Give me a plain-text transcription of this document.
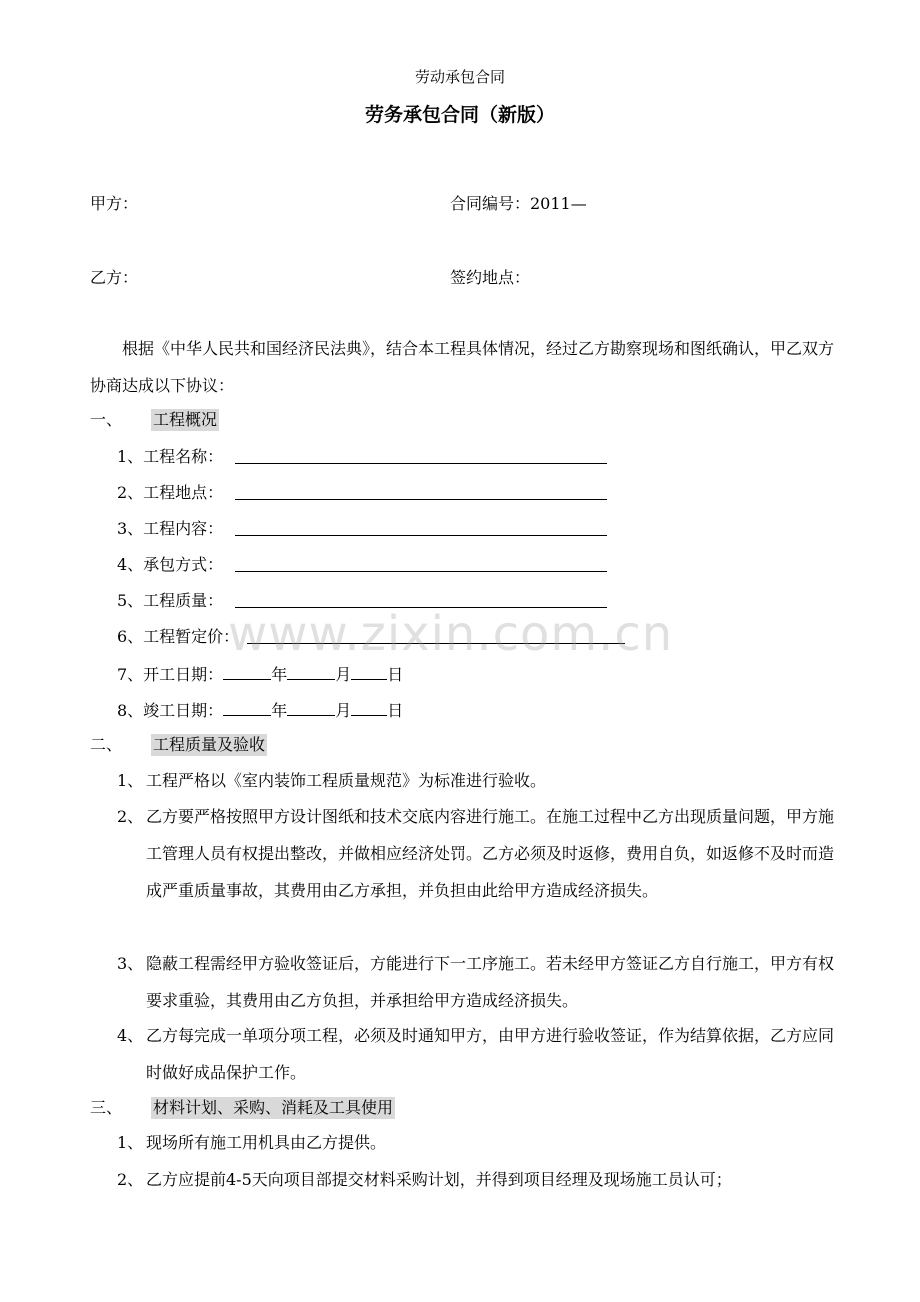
劳动承包合同
劳务承包合同（新版）
甲方：	合同编号：2011—
乙方：	签约地点：
根据《中华人民共和国经济民法典》，结合本工程具体情况，经过乙方勘察现场和图纸确认，甲乙双方协商达成以下协议：
一、 工程概况
1、工程名称：
2、工程地点：
3、工程内容：
4、承包方式：
5、工程质量：
6、工程暂定价：
7、开工日期：	年	月 日
8、竣工日期：	年	月 日
二、 工程质量及验收
1、 工程严格以《室内装饰工程质量规范》为标准进行验收。
2、 乙方要严格按照甲方设计图纸和技术交底内容进行施工。在施工过程中乙方出现质量问题，甲方施工管理人员有权提出整改，并做相应经济处罚。乙方必须及时返修，费用自负，如返修不及时而造成严重质量事故，其费用由乙方承担，并负担由此给甲方造成经济损失。
3、 隐蔽工程需经甲方验收签证后，方能进行下一工序施工。若未经甲方签证乙方自行施工，甲方有权要求重验，其费用由乙方负担，并承担给甲方造成经济损失。
4、 乙方每完成一单项分项工程，必须及时通知甲方，由甲方进行验收签证，作为结算依据，乙方应同时做好成品保护工作。
三、 材料计划、采购、消耗及工具使用
1、 现场所有施工用机具由乙方提供。
2、 乙方应提前4-5天向项目部提交材料采购计划，并得到项目经理及现场施工员认可；
www.zixin.com.cn
